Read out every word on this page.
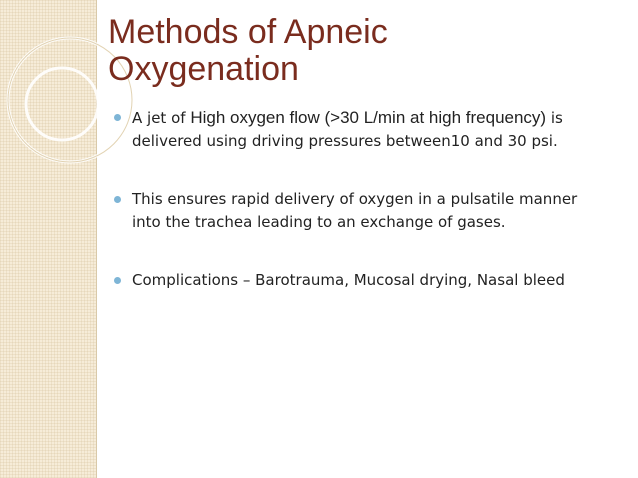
Methods of Apneic
Oxygenation
A jet of High oxygen flow (>30 L/min at high frequency) is delivered using driving pressures between10 and 30 psi.
This ensures rapid delivery of oxygen in a pulsatile manner into the trachea leading to an exchange of gases.
Complications – Barotrauma, Mucosal drying, Nasal bleed
